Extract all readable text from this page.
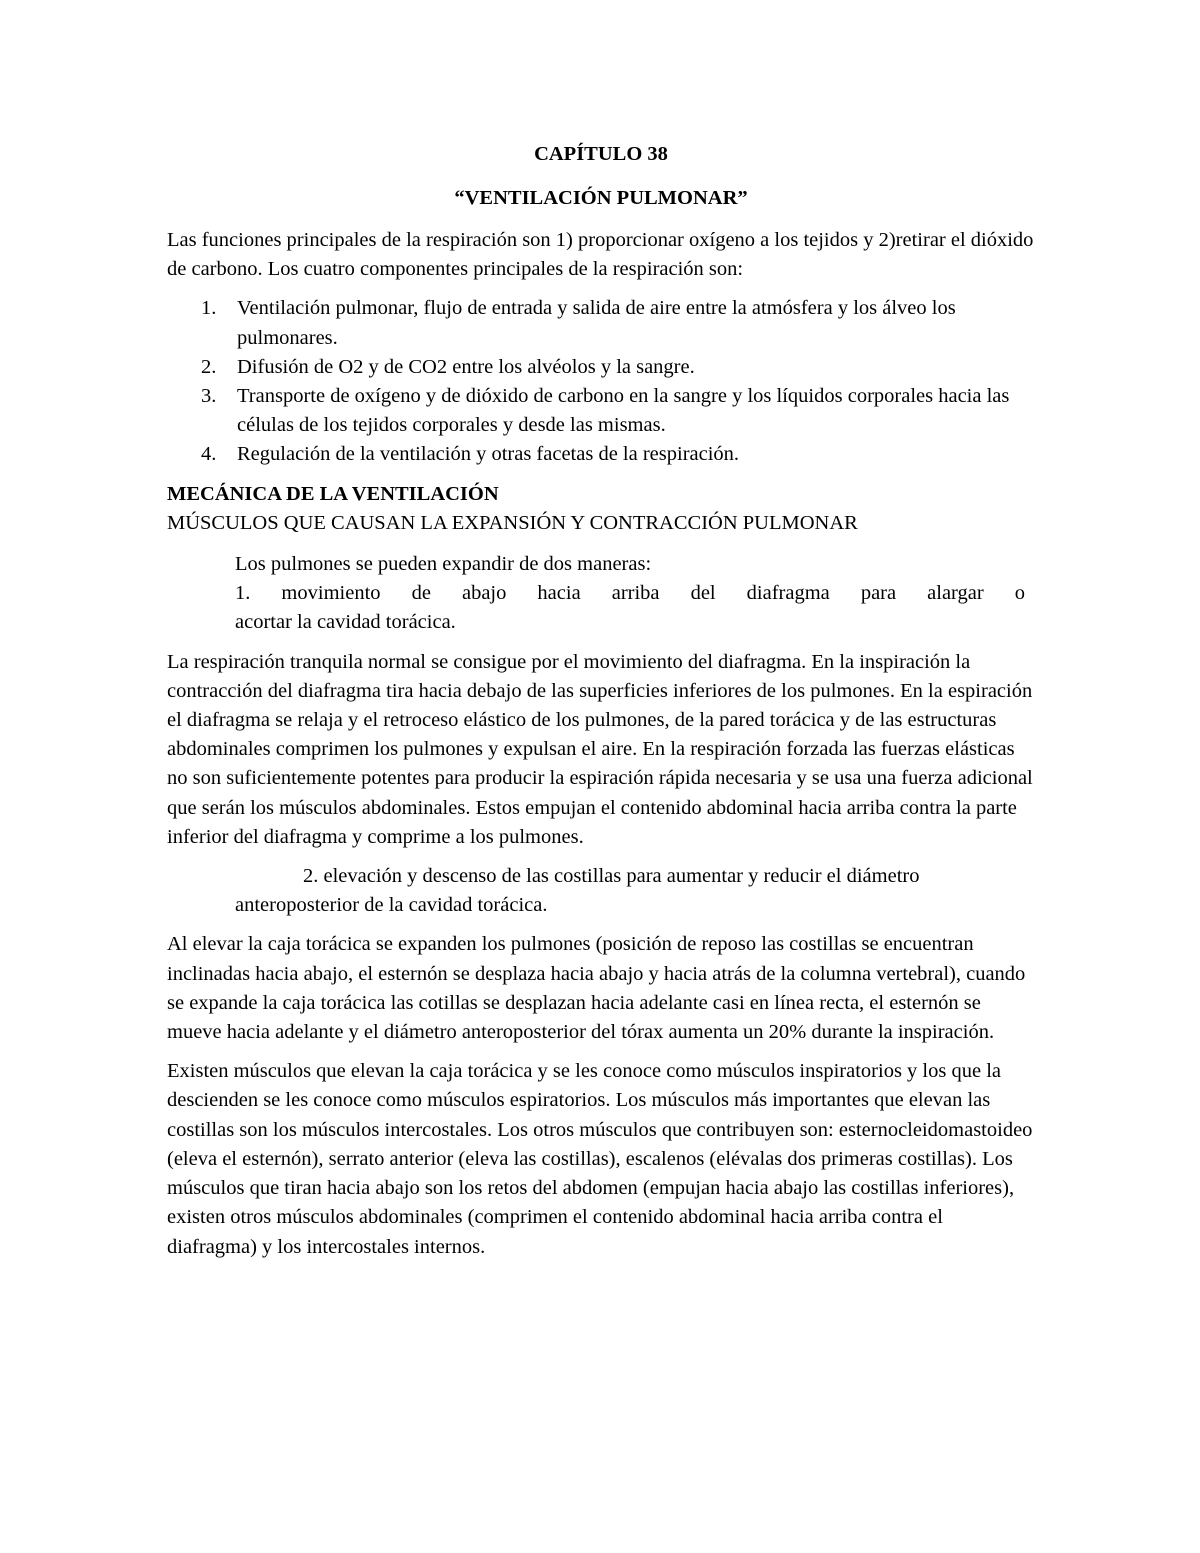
CAPÍTULO 38
“VENTILACIÓN PULMONAR”

Las funciones principales de la respiración son 1) proporcionar oxígeno a los tejidos y 2)retirar el dióxido de carbono. Los cuatro componentes principales de la respiración son:

1. Ventilación pulmonar, flujo de entrada y salida de aire entre la atmósfera y los álveo los pulmonares.
2. Difusión de O2 y de CO2 entre los alvéolos y la sangre.
3. Transporte de oxígeno y de dióxido de carbono en la sangre y los líquidos corporales hacia las células de los tejidos corporales y desde las mismas.
4. Regulación de la ventilación y otras facetas de la respiración.
MECÁNICA DE LA VENTILACIÓN
MÚSCULOS QUE CAUSAN LA EXPANSIÓN Y CONTRACCIÓN PULMONAR
Los pulmones se pueden expandir de dos maneras:
1. movimiento de abajo hacia arriba del diafragma para alargar o
acortar la cavidad torácica.

La respiración tranquila normal se consigue por el movimiento del diafragma. En la inspiración la contracción del diafragma tira hacia debajo de las superficies inferiores de los pulmones. En la espiración el diafragma se relaja y el retroceso elástico de los pulmones, de la pared torácica y de las estructuras abdominales comprimen los pulmones y expulsan el aire. En la respiración forzada las fuerzas elásticas no son suficientemente potentes para producir la espiración rápida necesaria y se usa una fuerza adicional que serán los músculos abdominales. Estos empujan el contenido abdominal hacia arriba contra la parte inferior del diafragma y comprime a los pulmones.

2. elevación y descenso de las costillas para aumentar y reducir el diámetro
anteroposterior de la cavidad torácica.

Al elevar la caja torácica se expanden los pulmones (posición de reposo las costillas se encuentran inclinadas hacia abajo, el esternón se desplaza hacia abajo y hacia atrás de la columna vertebral), cuando se expande la caja torácica las cotillas se desplazan hacia adelante casi en línea recta, el esternón se mueve hacia adelante y el diámetro anteroposterior del tórax aumenta un 20% durante la inspiración.

Existen músculos que elevan la caja torácica y se les conoce como músculos inspiratorios y los que la descienden se les conoce como músculos espiratorios. Los músculos más importantes que elevan las costillas son los músculos intercostales. Los otros músculos que contribuyen son: esternocleidomastoideo (eleva el esternón), serrato anterior (eleva las costillas), escalenos (elévalas dos primeras costillas). Los músculos que tiran hacia abajo son los retos del abdomen (empujan hacia abajo las costillas inferiores), existen otros músculos abdominales (comprimen el contenido abdominal hacia arriba contra el diafragma) y los intercostales internos.
